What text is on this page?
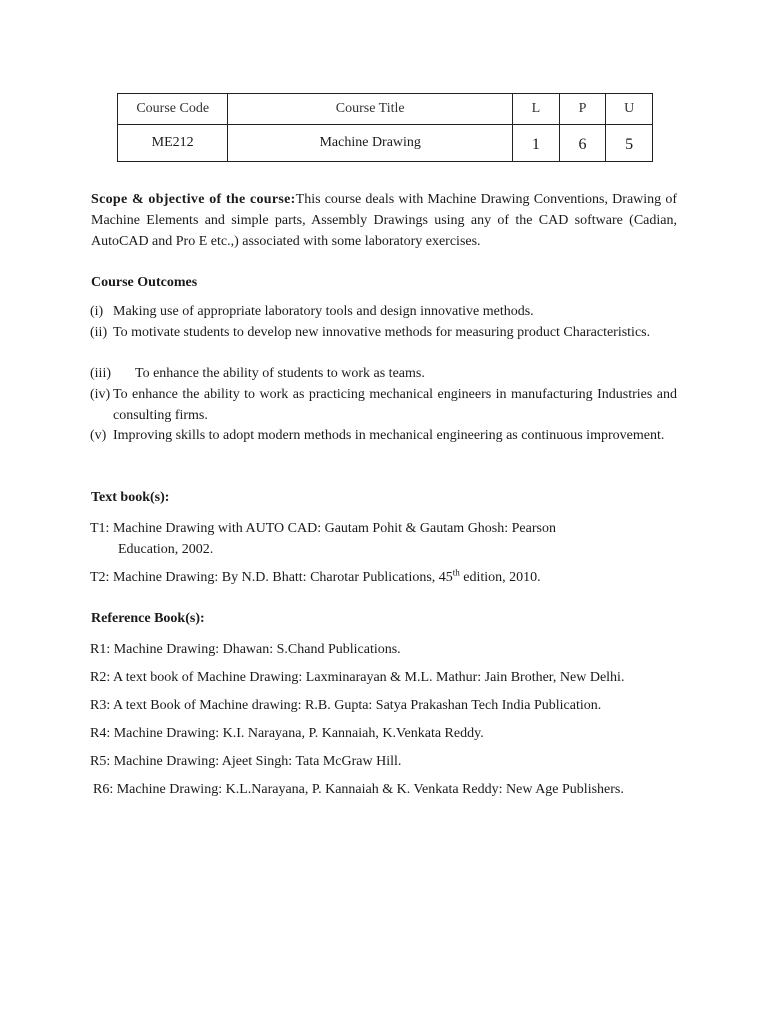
Course Code	Course Title	L	P	U
ME212	Machine Drawing	1	6	5
Scope & objective of the course:This course deals with Machine Drawing Conventions, Drawing of Machine Elements and simple parts, Assembly Drawings using any of the CAD software (Cadian, AutoCAD and Pro E etc.,) associated with some laboratory exercises.
Course Outcomes
(i) Making use of appropriate laboratory tools and design innovative methods.
(ii) To motivate students to develop new innovative methods for measuring product Characteristics.
(iii)	To enhance the ability of students to work as teams.
(iv) To enhance the ability to work as practicing mechanical engineers in manufacturing Industries and consulting firms.
(v) Improving skills to adopt modern methods in mechanical engineering as continuous improvement.
Text book(s):
T1: Machine Drawing with AUTO CAD: Gautam Pohit & Gautam Ghosh: Pearson
Education, 2002.
T2: Machine Drawing: By N.D. Bhatt: Charotar Publications, 45th edition, 2010.
Reference Book(s):
R1: Machine Drawing: Dhawan: S.Chand Publications.
R2: A text book of Machine Drawing: Laxminarayan & M.L. Mathur: Jain Brother, New Delhi.
R3: A text Book of Machine drawing: R.B. Gupta: Satya Prakashan Tech India Publication.
R4: Machine Drawing: K.I. Narayana, P. Kannaiah, K.Venkata Reddy.
R5: Machine Drawing: Ajeet Singh: Tata McGraw Hill.
R6: Machine Drawing: K.L.Narayana, P. Kannaiah & K. Venkata Reddy: New Age Publishers.
